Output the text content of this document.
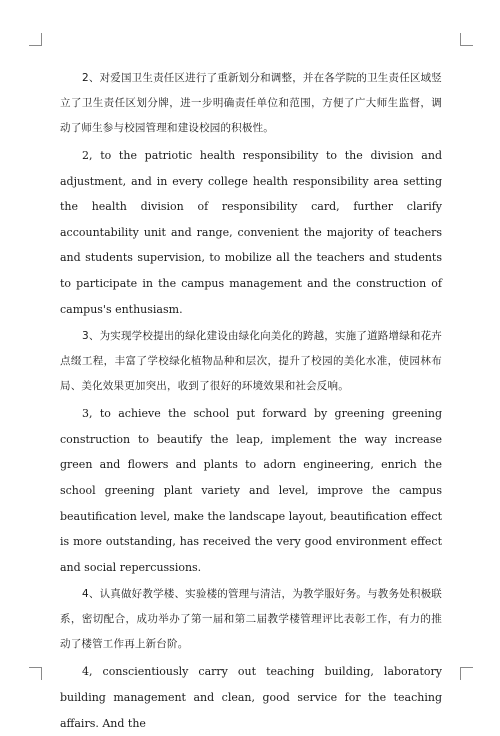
2、对爱国卫生责任区进行了重新划分和调整，并在各学院的卫生责任区域竖立了卫生责任区划分牌，进一步明确责任单位和范围，方便了广大师生监督，调动了师生参与校园管理和建设校园的积极性。

2, to the patriotic health responsibility to the division and adjustment, and in every college health responsibility area setting the health division of responsibility card, further clarify accountability unit and range, convenient the majority of teachers and students supervision, to mobilize all the teachers and students to participate in the campus management and the construction of campus's enthusiasm.

3、为实现学校提出的绿化建设由绿化向美化的跨越，实施了道路增绿和花卉点缀工程，丰富了学校绿化植物品种和层次，提升了校园的美化水准，使园林布局、美化效果更加突出，收到了很好的环境效果和社会反响。

3, to achieve the school put forward by greening greening construction to beautify the leap, implement the way increase green and flowers and plants to adorn engineering, enrich the school greening plant variety and level, improve the campus beautification level, make the landscape layout, beautification effect is more outstanding, has received the very good environment effect and social repercussions.

4、认真做好教学楼、实验楼的管理与清洁，为教学服好务。与教务处积极联系，密切配合，成功举办了第一届和第二届教学楼管理评比表彰工作，有力的推动了楼管工作再上新台阶。

4, conscientiously carry out teaching building, laboratory building management and clean, good service for the teaching affairs. And the
